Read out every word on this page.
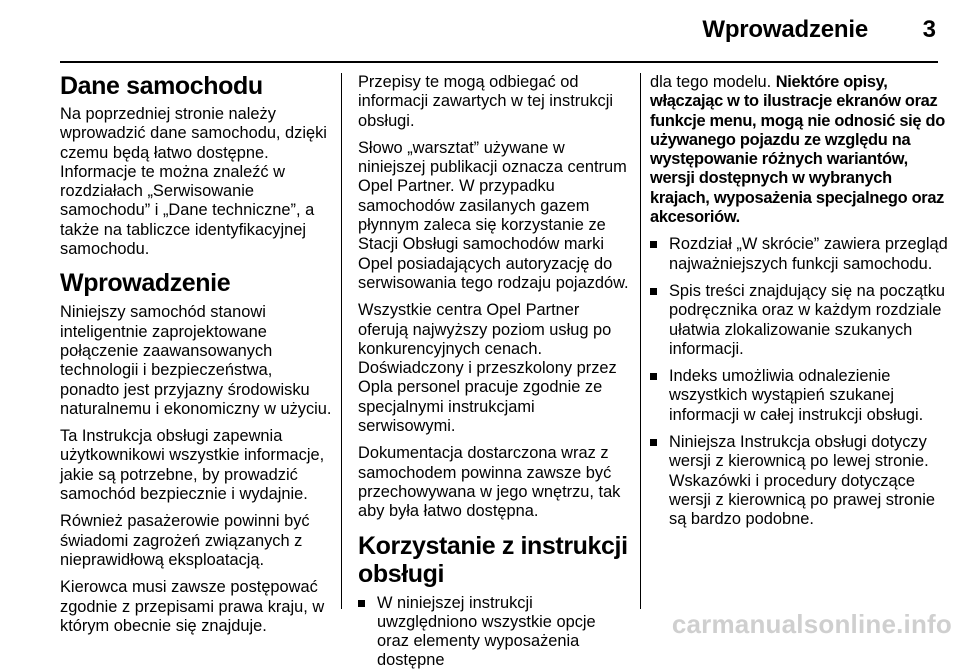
Wprowadzenie 3
Dane samochodu

Na poprzedniej stronie należy wprowadzić dane samochodu, dzięki czemu będą łatwo dostępne. Informacje te można znaleźć w rozdziałach „Serwisowanie samochodu” i „Dane techniczne”, a także na tabliczce identyfikacyjnej samochodu.

Wprowadzenie

Niniejszy samochód stanowi inteligentnie zaprojektowane połączenie zaawansowanych technologii i bezpieczeństwa, ponadto jest przyjazny środowisku naturalnemu i ekonomiczny w użyciu.

Ta Instrukcja obsługi zapewnia użytkownikowi wszystkie informacje, jakie są potrzebne, by prowadzić samochód bezpiecznie i wydajnie.

Również pasażerowie powinni być świadomi zagrożeń związanych z nieprawidłową eksploatacją.

Kierowca musi zawsze postępować zgodnie z przepisami prawa kraju, w którym obecnie się znajduje.

Przepisy te mogą odbiegać od informacji zawartych w tej instrukcji obsługi.

Słowo „warsztat” używane w niniejszej publikacji oznacza centrum Opel Partner. W przypadku samochodów zasilanych gazem płynnym zaleca się korzystanie ze Stacji Obsługi samochodów marki Opel posiadających autoryzację do serwisowania tego rodzaju pojazdów.

Wszystkie centra Opel Partner oferują najwyższy poziom usług po konkurencyjnych cenach. Doświadczony i przeszkolony przez Opla personel pracuje zgodnie ze specjalnymi instrukcjami serwisowymi.

Dokumentacja dostarczona wraz z samochodem powinna zawsze być przechowywana w jego wnętrzu, tak aby była łatwo dostępna.

Korzystanie z instrukcji obsługi
W niniejszej instrukcji uwzględniono wszystkie opcje oraz elementy wyposażenia dostępne

dla tego modelu. Niektóre opisy, włączając w to ilustracje ekranów oraz funkcje menu, mogą nie odnosić się do używanego pojazdu ze względu na występowanie różnych wariantów, wersji dostępnych w wybranych krajach, wyposażenia specjalnego oraz akcesoriów.

Rozdział „W skrócie” zawiera przegląd najważniejszych funkcji samochodu.
Spis treści znajdujący się na początku podręcznika oraz w każdym rozdziale ułatwia zlokalizowanie szukanych informacji.
Indeks umożliwia odnalezienie wszystkich wystąpień szukanej informacji w całej instrukcji obsługi.
Niniejsza Instrukcja obsługi dotyczy wersji z kierownicą po lewej stronie. Wskazówki i procedury dotyczące wersji z kierownicą po prawej stronie są bardzo podobne.
carmanualsonline.info
